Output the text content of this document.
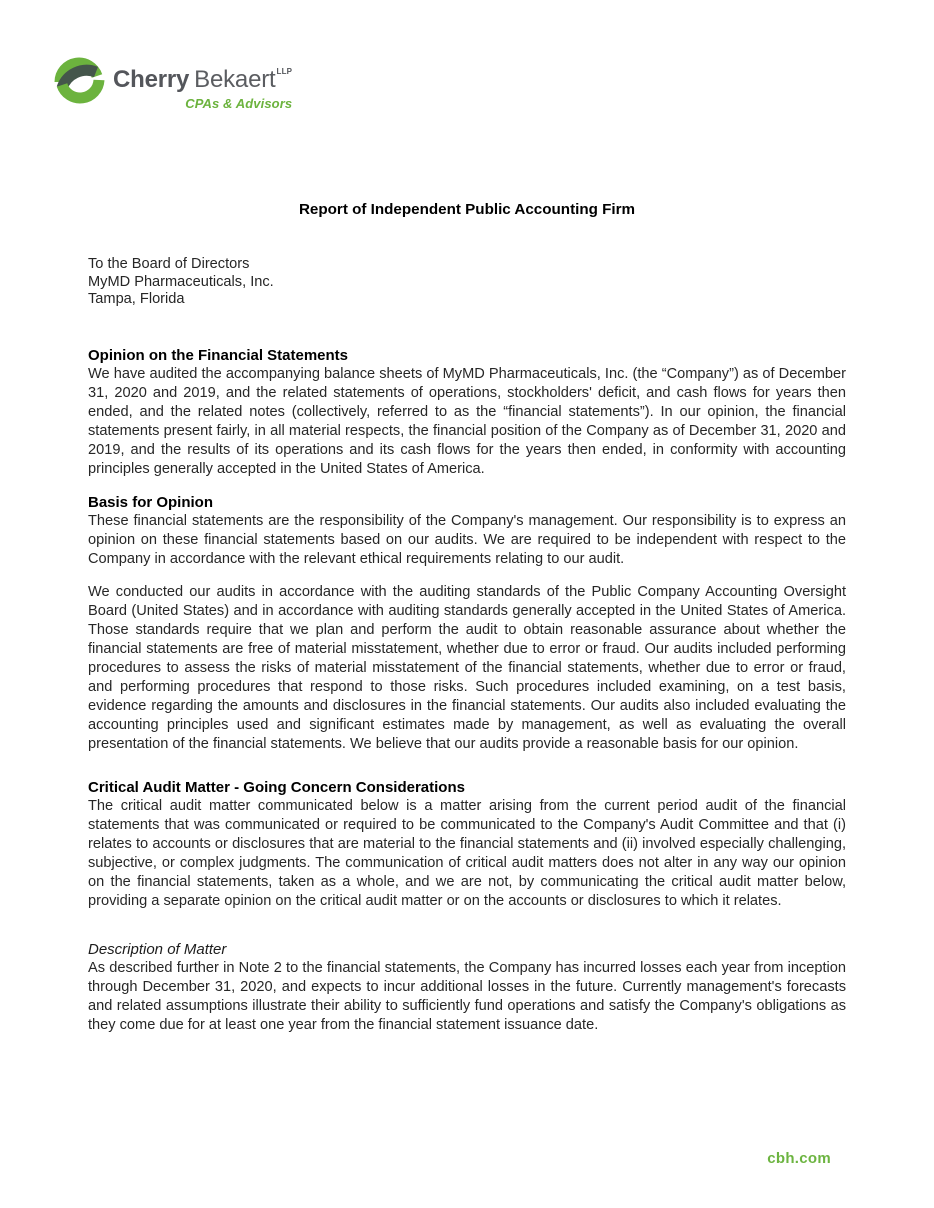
Cherry Bekaert$^{LLP}$
CPAs & Advisors
Report of Independent Public Accounting Firm
To the Board of Directors
MyMD Pharmaceuticals, Inc.
Tampa, Florida
Opinion on the Financial Statements

We have audited the accompanying balance sheets of MyMD Pharmaceuticals, Inc. (the “Company”) as of December 31, 2020 and 2019, and the related statements of operations, stockholders' deficit, and cash flows for years then ended, and the related notes (collectively, referred to as the “financial statements”). In our opinion, the financial statements present fairly, in all material respects, the financial position of the Company as of December 31, 2020 and 2019, and the results of its operations and its cash flows for the years then ended, in conformity with accounting principles generally accepted in the United States of America.

Basis for Opinion

These financial statements are the responsibility of the Company's management. Our responsibility is to express an opinion on these financial statements based on our audits. We are required to be independent with respect to the Company in accordance with the relevant ethical requirements relating to our audit.

We conducted our audits in accordance with the auditing standards of the Public Company Accounting Oversight Board (United States) and in accordance with auditing standards generally accepted in the United States of America. Those standards require that we plan and perform the audit to obtain reasonable assurance about whether the financial statements are free of material misstatement, whether due to error or fraud. Our audits included performing procedures to assess the risks of material misstatement of the financial statements, whether due to error or fraud, and performing procedures that respond to those risks. Such procedures included examining, on a test basis, evidence regarding the amounts and disclosures in the financial statements. Our audits also included evaluating the accounting principles used and significant estimates made by management, as well as evaluating the overall presentation of the financial statements. We believe that our audits provide a reasonable basis for our opinion.

Critical Audit Matter - Going Concern Considerations

The critical audit matter communicated below is a matter arising from the current period audit of the financial statements that was communicated or required to be communicated to the Company's Audit Committee and that (i) relates to accounts or disclosures that are material to the financial statements and (ii) involved especially challenging, subjective, or complex judgments. The communication of critical audit matters does not alter in any way our opinion on the financial statements, taken as a whole, and we are not, by communicating the critical audit matter below, providing a separate opinion on the critical audit matter or on the accounts or disclosures to which it relates.

Description of Matter

As described further in Note 2 to the financial statements, the Company has incurred losses each year from inception through December 31, 2020, and expects to incur additional losses in the future. Currently management's forecasts and related assumptions illustrate their ability to sufficiently fund operations and satisfy the Company's obligations as they come due for at least one year from the financial statement issuance date.

cbh.com
